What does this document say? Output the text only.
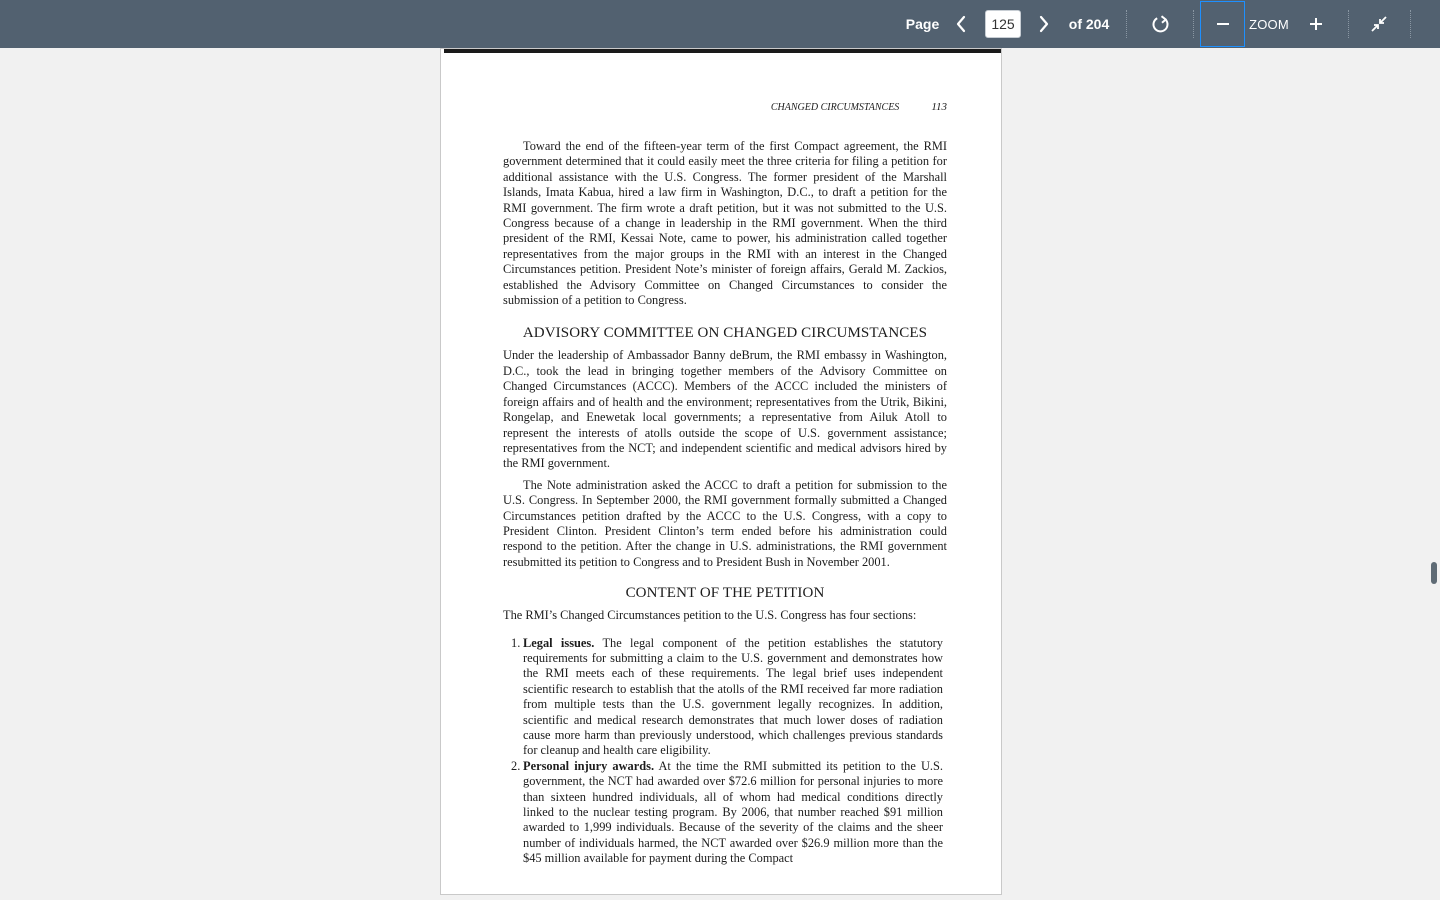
Page
125	of 204	ZOOM
CHANGED CIRCUMSTANCES	113

Toward the end of the fifteen-year term of the first Compact agreement, the RMI government determined that it could easily meet the three criteria for filing a petition for additional assistance with the U.S. Congress. The former president of the Marshall Islands, Imata Kabua, hired a law firm in Washington, D.C., to draft a petition for the RMI government. The firm wrote a draft petition, but it was not submitted to the U.S. Congress because of a change in leadership in the RMI government. When the third president of the RMI, Kessai Note, came to power, his administration called together representatives from the major groups in the RMI with an interest in the Changed Circumstances petition. President Note’s minister of foreign affairs, Gerald M. Zackios, established the Advisory Committee on Changed Circumstances to consider the submission of a petition to Congress.

ADVISORY COMMITTEE ON CHANGED CIRCUMSTANCES

Under the leadership of Ambassador Banny deBrum, the RMI embassy in Washington, D.C., took the lead in bringing together members of the Advisory Committee on Changed Circumstances (ACCC). Members of the ACCC included the ministers of foreign affairs and of health and the environment; representatives from the Utrik, Bikini, Rongelap, and Enewetak local governments; a representative from Ailuk Atoll to represent the interests of atolls outside the scope of U.S. government assistance; representatives from the NCT; and independent scientific and medical advisors hired by the RMI government.

The Note administration asked the ACCC to draft a petition for submission to the U.S. Congress. In September 2000, the RMI government formally submitted a Changed Circumstances petition drafted by the ACCC to the U.S. Congress, with a copy to President Clinton. President Clinton’s term ended before his administration could respond to the petition. After the change in U.S. administrations, the RMI government resubmitted its petition to Congress and to President Bush in November 2001.

CONTENT OF THE PETITION

The RMI’s Changed Circumstances petition to the U.S. Congress has four sections:

1. Legal issues. The legal component of the petition establishes the statutory requirements for submitting a claim to the U.S. government and demonstrates how the RMI meets each of these requirements. The legal brief uses independent scientific research to establish that the atolls of the RMI received far more radiation from multiple tests than the U.S. government legally recognizes. In addition, scientific and medical research demonstrates that much lower doses of radiation cause more harm than previously understood, which challenges previous standards for cleanup and health care eligibility.
2. Personal injury awards. At the time the RMI submitted its petition to the U.S. government, the NCT had awarded over $72.6 million for personal injuries to more than sixteen hundred individuals, all of whom had medical conditions directly linked to the nuclear testing program. By 2006, that number reached $91 million awarded to 1,999 individuals. Because of the severity of the claims and the sheer number of individuals harmed, the NCT awarded over $26.9 million more than the $45 million available for payment during the Compact
